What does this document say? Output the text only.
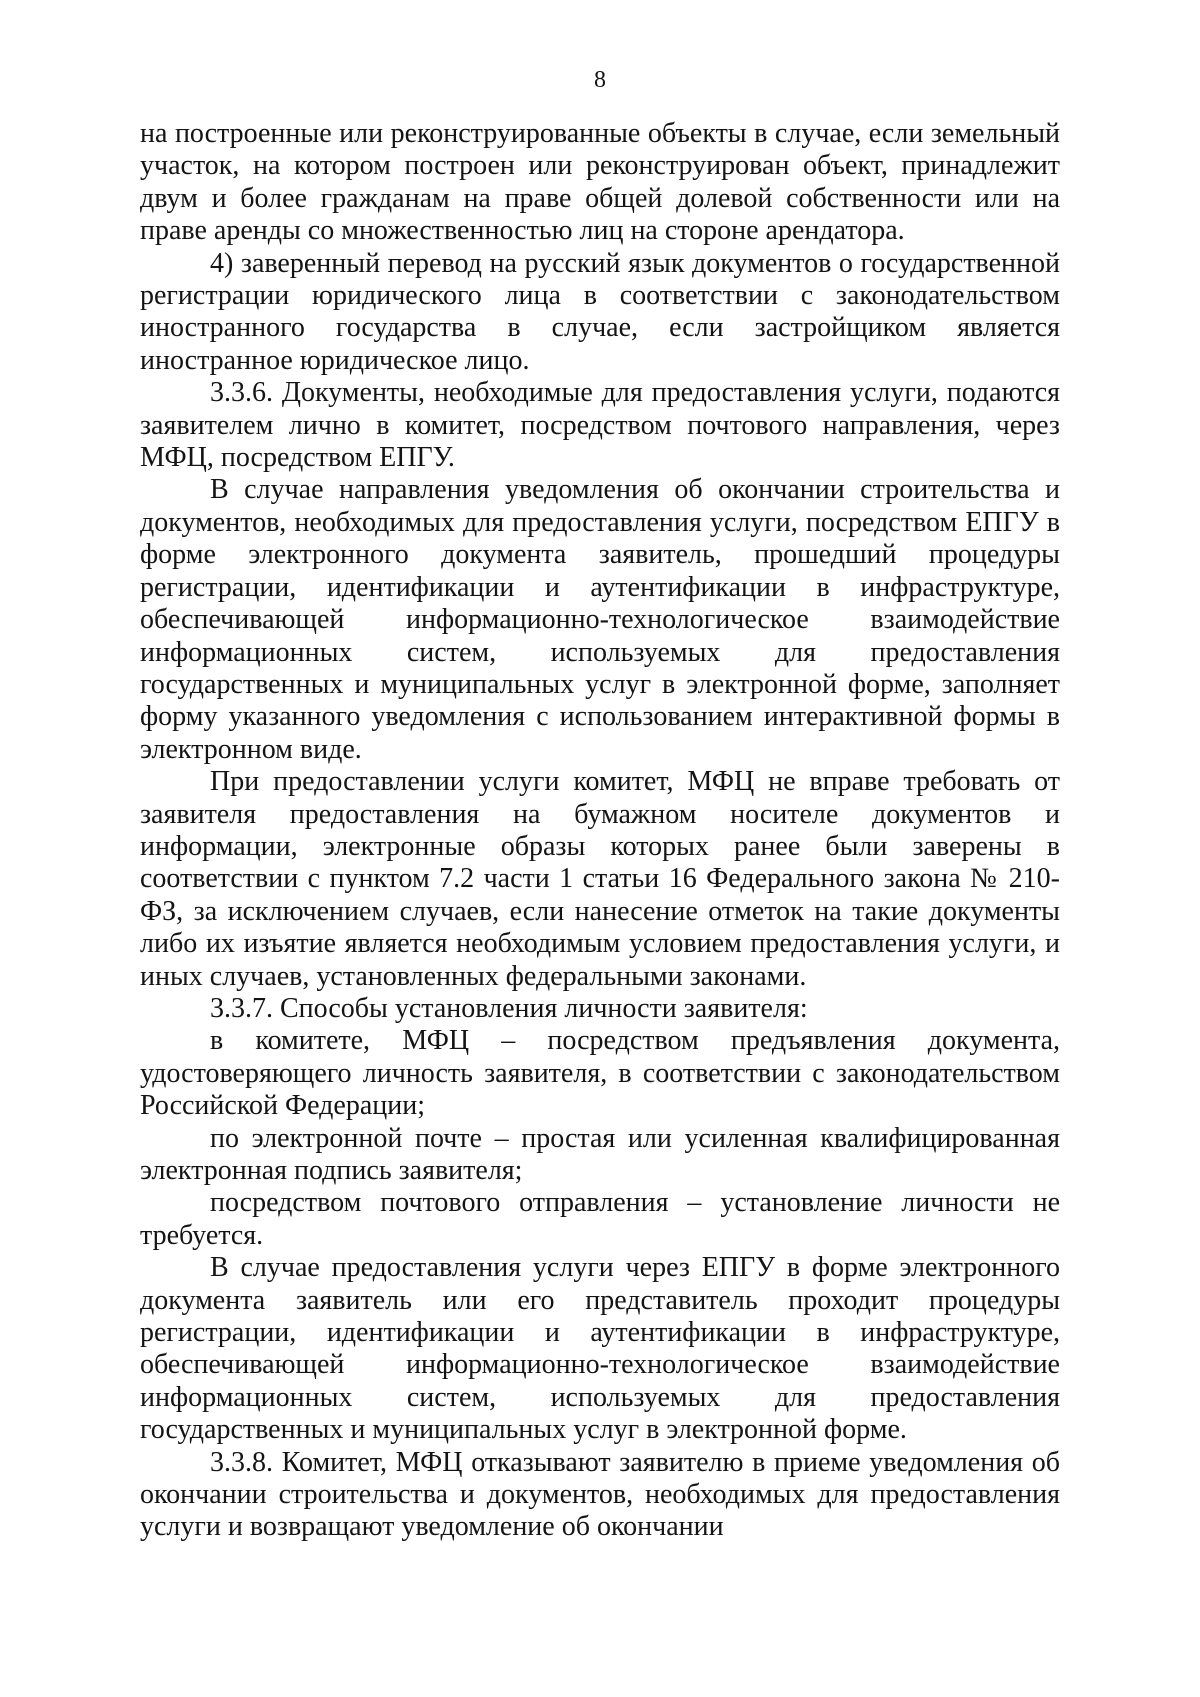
8

на построенные или реконструированные объекты в случае, если земельный участок, на котором построен или реконструирован объект, принадлежит двум и более гражданам на праве общей долевой собственности или на праве аренды со множественностью лиц на стороне арендатора.

4) заверенный перевод на русский язык документов о государственной регистрации юридического лица в соответствии с законодательством иностранного государства в случае, если застройщиком является иностранное юридическое лицо.

3.3.6. Документы, необходимые для предоставления услуги, подаются заявителем лично в комитет, посредством почтового направления, через МФЦ, посредством ЕПГУ.

В случае направления уведомления об окончании строительства и документов, необходимых для предоставления услуги, посредством ЕПГУ в форме электронного документа заявитель, прошедший процедуры регистрации, идентификации и аутентификации в инфраструктуре, обеспечивающей информационно-технологическое взаимодействие информационных систем, используемых для предоставления государственных и муниципальных услуг в электронной форме, заполняет форму указанного уведомления с использованием интерактивной формы в электронном виде.

При предоставлении услуги комитет, МФЦ не вправе требовать от заявителя предоставления на бумажном носителе документов и информации, электронные образы которых ранее были заверены в соответствии с пунктом 7.2 части 1 статьи 16 Федерального закона № 210-ФЗ, за исключением случаев, если нанесение отметок на такие документы либо их изъятие является необходимым условием предоставления услуги, и иных случаев, установленных федеральными законами.

3.3.7. Способы установления личности заявителя:

в комитете, МФЦ – посредством предъявления документа, удостоверяющего личность заявителя, в соответствии с законодательством Российской Федерации;

по электронной почте – простая или усиленная квалифицированная электронная подпись заявителя;

посредством почтового отправления – установление личности не требуется.

В случае предоставления услуги через ЕПГУ в форме электронного документа заявитель или его представитель проходит процедуры регистрации, идентификации и аутентификации в инфраструктуре, обеспечивающей информационно-технологическое взаимодействие информационных систем, используемых для предоставления государственных и муниципальных услуг в электронной форме.

3.3.8. Комитет, МФЦ отказывают заявителю в приеме уведомления об окончании строительства и документов, необходимых для предоставления услуги и возвращают уведомление об окончании
